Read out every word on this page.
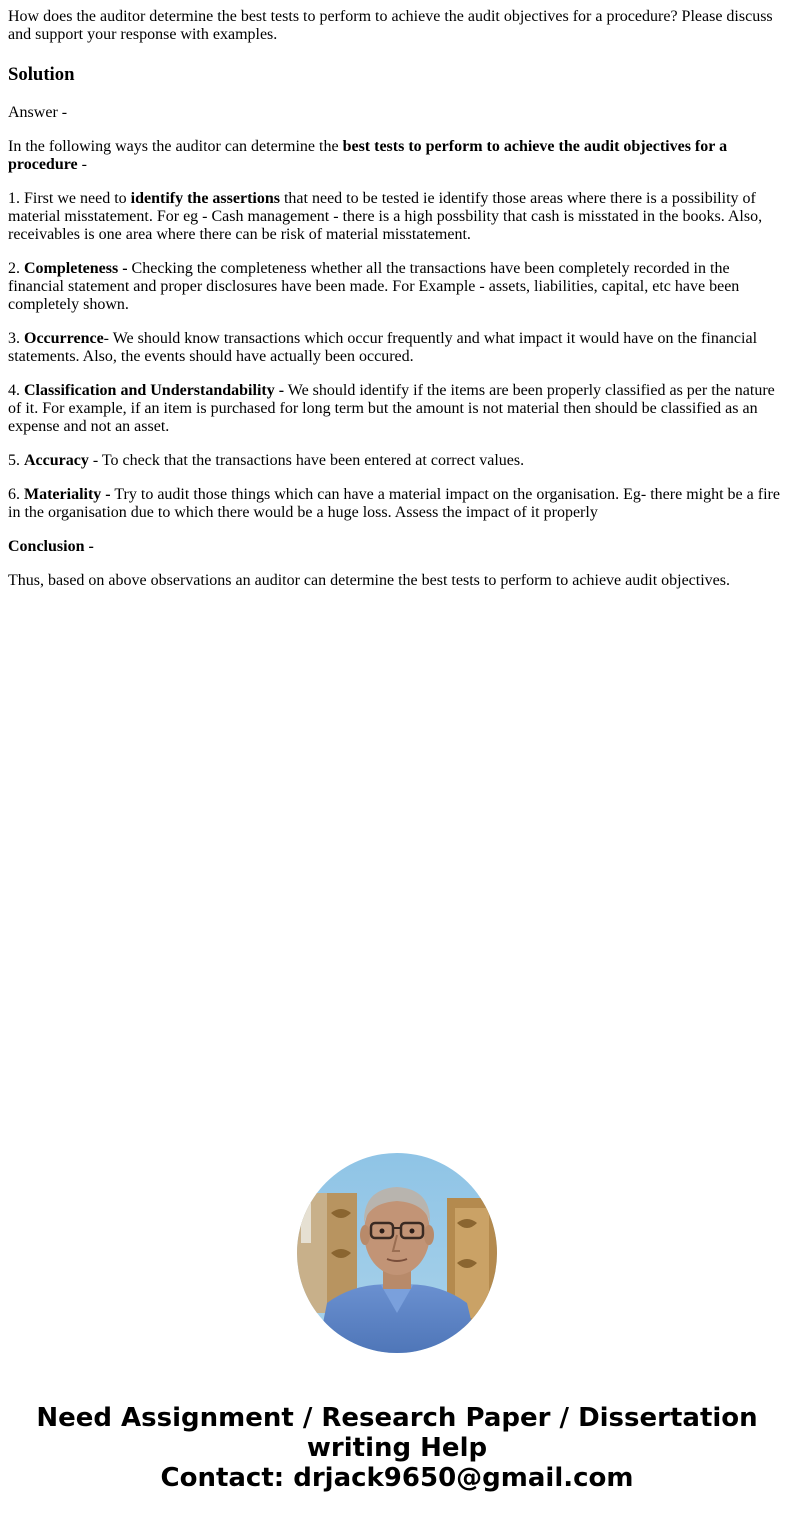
How does the auditor determine the best tests to perform to achieve the audit objectives for a procedure? Please discuss and support your response with examples.

Solution

Answer -

In the following ways the auditor can determine the best tests to perform to achieve the audit objectives for a procedure -

1. First we need to identify the assertions that need to be tested ie identify those areas where there is a possibility of material misstatement. For eg - Cash management - there is a high possbility that cash is misstated in the books. Also, receivables is one area where there can be risk of material misstatement.

2. Completeness - Checking the completeness whether all the transactions have been completely recorded in the financial statement and proper disclosures have been made. For Example - assets, liabilities, capital, etc have been completely shown.

3. Occurrence- We should know transactions which occur frequently and what impact it would have on the financial statements. Also, the events should have actually been occured.

4. Classification and Understandability - We should identify if the items are been properly classified as per the nature of it. For example, if an item is purchased for long term but the amount is not material then should be classified as an expense and not an asset.

5. Accuracy - To check that the transactions have been entered at correct values.

6. Materiality - Try to audit those things which can have a material impact on the organisation. Eg- there might be a fire in the organisation due to which there would be a huge loss. Assess the impact of it properly

Conclusion -

Thus, based on above observations an auditor can determine the best tests to perform to achieve audit objectives.

Need Assignment / Research Paper / Dissertation
writing Help
Contact: drjack9650@gmail.com
